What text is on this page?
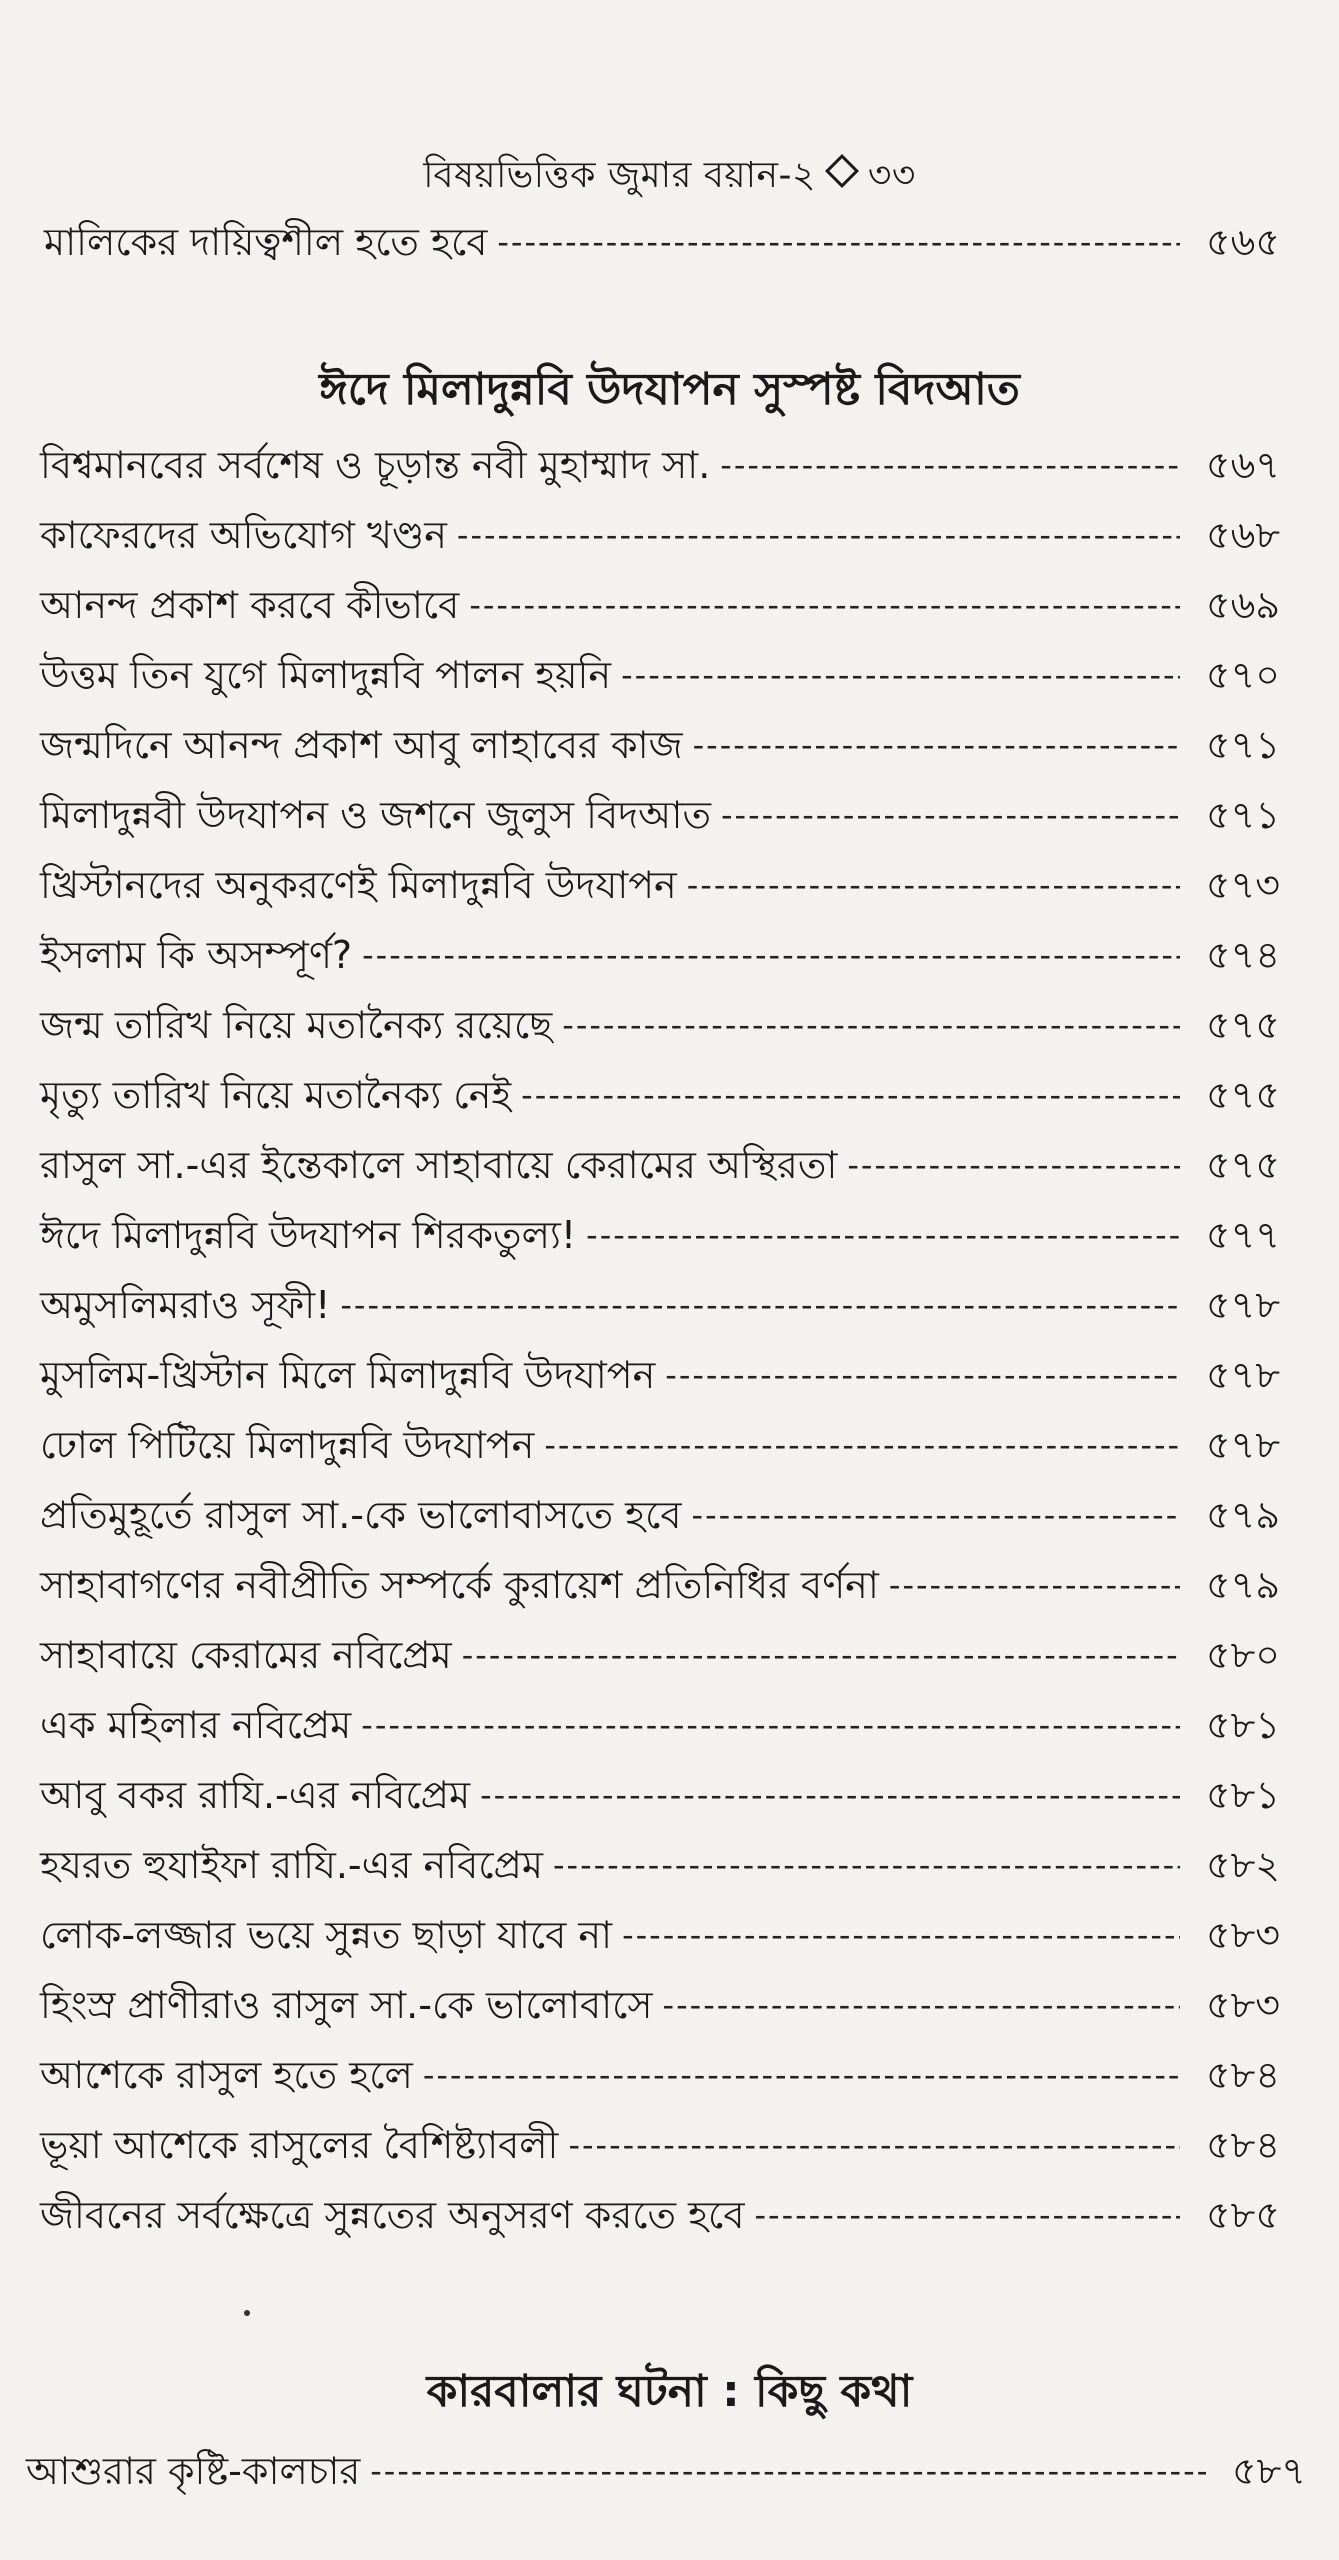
বিষয়ভিত্তিক জুমার বয়ান-২ ৩৩
মালিকের দায়িত্বশীল হতে হবে -----	৫৬৫
ঈদে মিলাদুন্নবি উদযাপন সুস্পষ্ট বিদআত
বিশ্বমানবের সর্বশেষ ও চূড়ান্ত নবী মুহাম্মাদ সা. -----	৫৬৭
কাফেরদের অভিযোগ খণ্ডন -----	৫৬৮
আনন্দ প্রকাশ করবে কীভাবে -----	৫৬৯
উত্তম তিন যুগে মিলাদুন্নবি পালন হয়নি -----	৫৭০
জন্মদিনে আনন্দ প্রকাশ আবু লাহাবের কাজ -----	৫৭১
মিলাদুন্নবী উদযাপন ও জশনে জুলুস বিদআত -----	৫৭১
খ্রিস্টানদের অনুকরণেই মিলাদুন্নবি উদযাপন -----	৫৭৩
ইসলাম কি অসম্পূর্ণ? -----	৫৭৪
জন্ম তারিখ নিয়ে মতানৈক্য রয়েছে -----	৫৭৫
মৃত্যু তারিখ নিয়ে মতানৈক্য নেই -----	৫৭৫
রাসুল সা.-এর ইন্তেকালে সাহাবায়ে কেরামের অস্থিরতা -----	৫৭৫
ঈদে মিলাদুন্নবি উদযাপন শিরকতুল্য! -----	৫৭৭
অমুসলিমরাও সূফী! -----	৫৭৮
মুসলিম-খ্রিস্টান মিলে মিলাদুন্নবি উদযাপন -----	৫৭৮
ঢোল পিটিয়ে মিলাদুন্নবি উদযাপন -----	৫৭৮
প্রতিমুহূর্তে রাসুল সা.-কে ভালোবাসতে হবে -----	৫৭৯
সাহাবাগণের নবীপ্রীতি সম্পর্কে কুরায়েশ প্রতিনিধির বর্ণনা -----	৫৭৯
সাহাবায়ে কেরামের নবিপ্রেম -----	৫৮০
এক মহিলার নবিপ্রেম -----	৫৮১
আবু বকর রাযি.-এর নবিপ্রেম -----	৫৮১
হযরত হুযাইফা রাযি.-এর নবিপ্রেম -----	৫৮২
লোক-লজ্জার ভয়ে সুন্নত ছাড়া যাবে না -----	৫৮৩
হিংস্র প্রাণীরাও রাসুল সা.-কে ভালোবাসে -----	৫৮৩
আশেকে রাসুল হতে হলে -----	৫৮৪
ভূয়া আশেকে রাসুলের বৈশিষ্ট্যাবলী -----	৫৮৪
জীবনের সর্বক্ষেত্রে সুন্নতের অনুসরণ করতে হবে -----	৫৮৫
কারবালার ঘটনা : কিছু কথা
আশুরার কৃষ্টি-কালচার -----	৫৮৭
